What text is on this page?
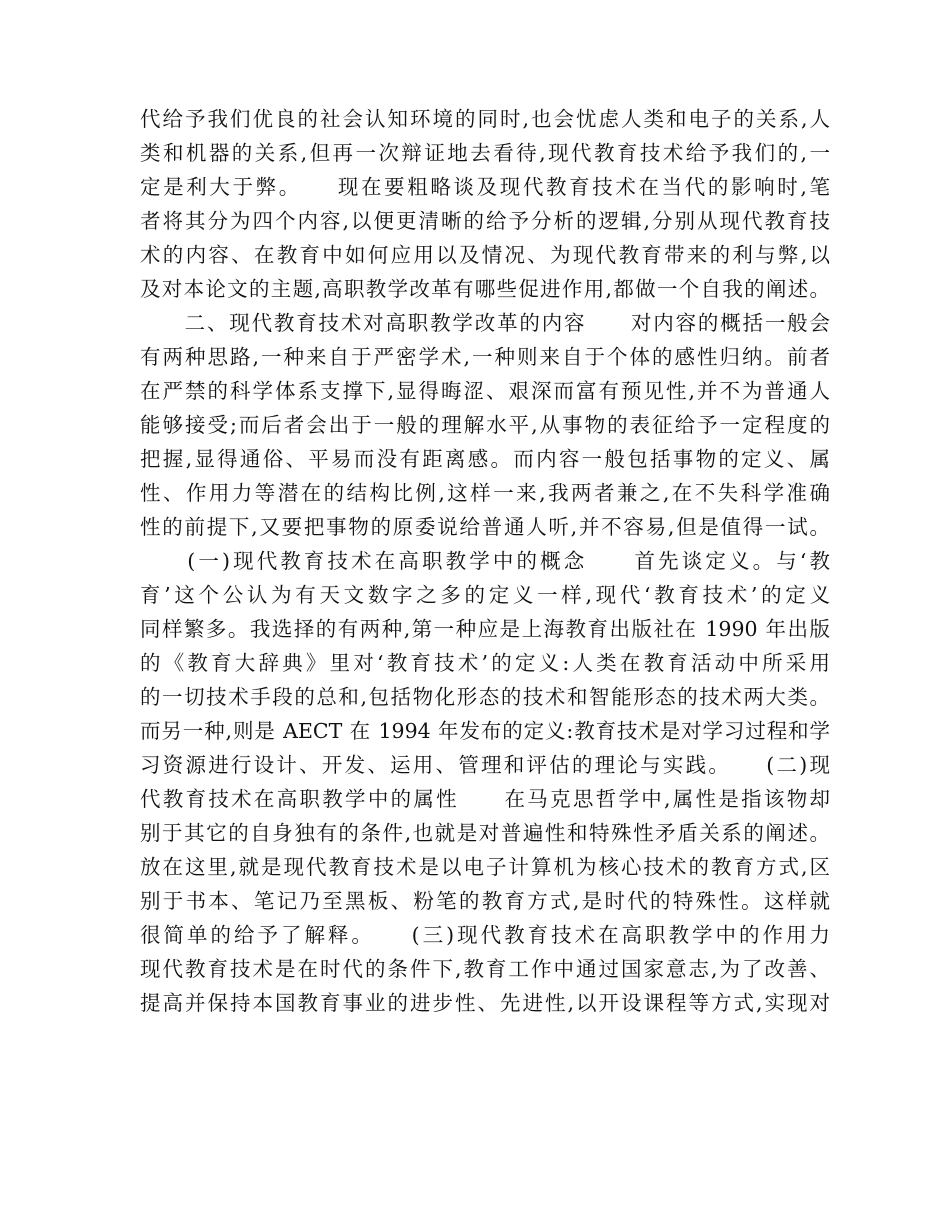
代给予我们优良的社会认知环境的同时,也会忧虑人类和电子的关系,人
类和机器的关系,但再一次辩证地去看待,现代教育技术给予我们的,一
定是利大于弊。　　现在要粗略谈及现代教育技术在当代的影响时,笔
者将其分为四个内容,以便更清晰的给予分析的逻辑,分别从现代教育技
术的内容、在教育中如何应用以及情况、为现代教育带来的利与弊,以
及对本论文的主题,高职教学改革有哪些促进作用,都做一个自我的阐述。
　　二、现代教育技术对高职教学改革的内容　　对内容的概括一般会
有两种思路,一种来自于严密学术,一种则来自于个体的感性归纳。前者
在严禁的科学体系支撑下,显得晦涩、艰深而富有预见性,并不为普通人
能够接受;而后者会出于一般的理解水平,从事物的表征给予一定程度的
把握,显得通俗、平易而没有距离感。而内容一般包括事物的定义、属
性、作用力等潜在的结构比例,这样一来,我两者兼之,在不失科学准确
性的前提下,又要把事物的原委说给普通人听,并不容易,但是值得一试。
　　(一)现代教育技术在高职教学中的概念　　首先谈定义。与‘教
育’这个公认为有天文数字之多的定义一样,现代‘教育技术’的定义
同样繁多。我选择的有两种,第一种应是上海教育出版社在 1990 年出版
的《教育大辞典》里对‘教育技术’的定义:人类在教育活动中所采用
的一切技术手段的总和,包括物化形态的技术和智能形态的技术两大类。
而另一种,则是 AECT 在 1994 年发布的定义:教育技术是对学习过程和学
习资源进行设计、开发、运用、管理和评估的理论与实践。　　(二)现
代教育技术在高职教学中的属性　　在马克思哲学中,属性是指该物却
别于其它的自身独有的条件,也就是对普遍性和特殊性矛盾关系的阐述。
放在这里,就是现代教育技术是以电子计算机为核心技术的教育方式,区
别于书本、笔记乃至黑板、粉笔的教育方式,是时代的特殊性。这样就
很简单的给予了解释。　　(三)现代教育技术在高职教学中的作用力
现代教育技术是在时代的条件下,教育工作中通过国家意志,为了改善、
提高并保持本国教育事业的进步性、先进性,以开设课程等方式,实现对
